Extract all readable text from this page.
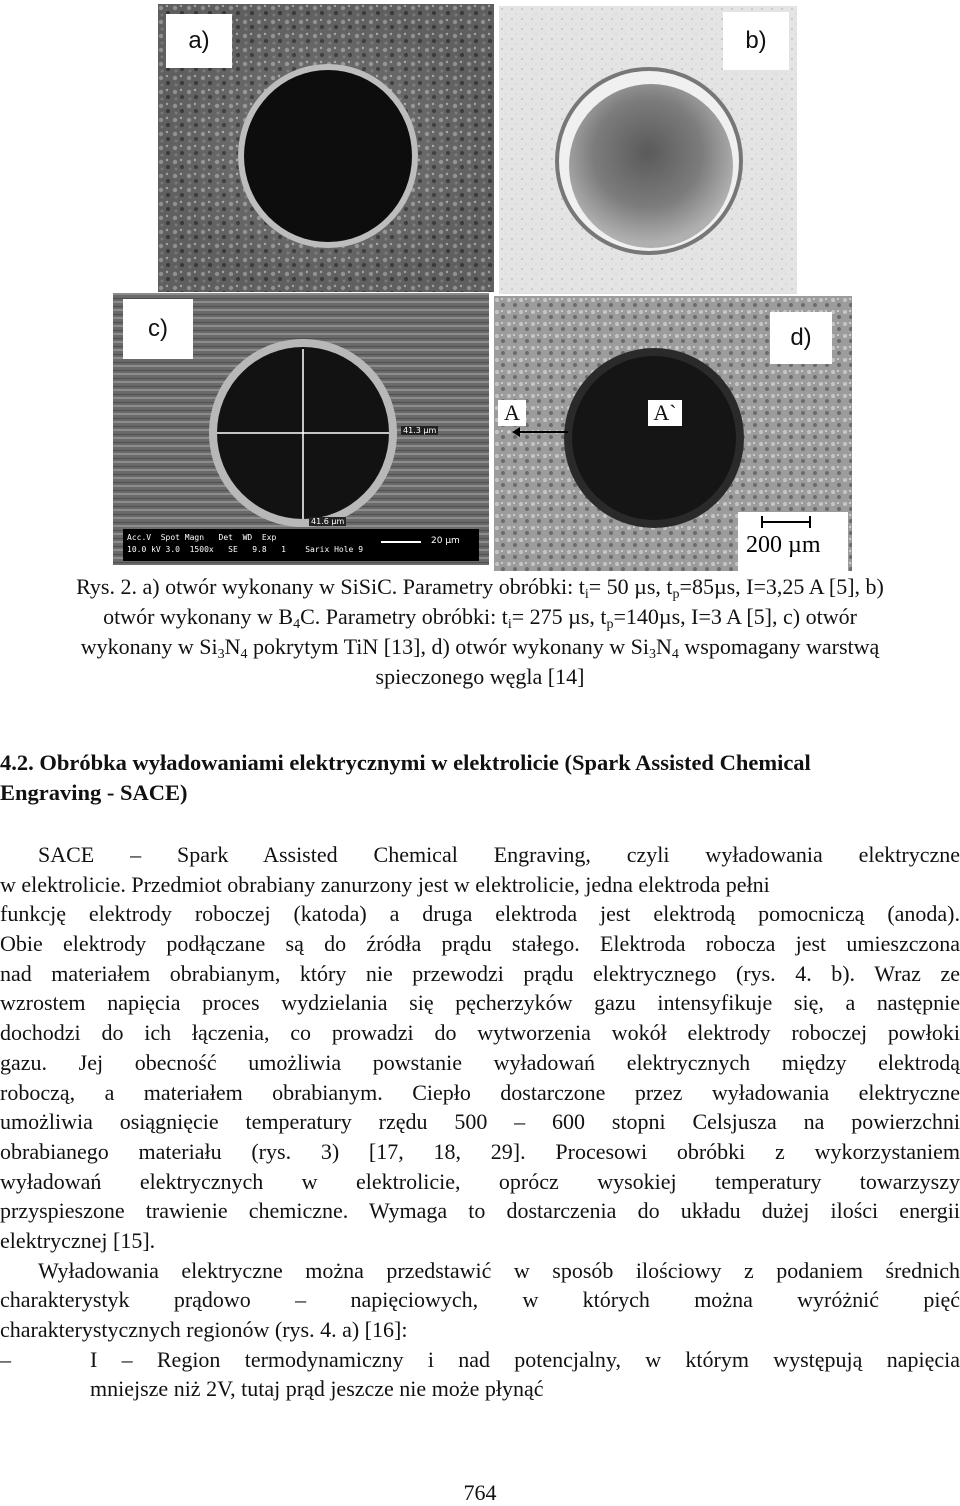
a)	b)
c)
Acc.V  Spot Magn   Det  WD  Exp
10.0 kV 3.0  1500x   SE   9.8   1    Sarix Hole 9
20 µm
41.3 µm
41.6 µm
d)
A	A`
200 µm
Rys. 2. a) otwór wykonany w SiSiC. Parametry obróbki: $t_i= 50$ µs, $t_p=85\mu s$, I=3,25 A [5], b)
otwór wykonany w $B_4C$. Parametry obróbki: $t_i= 275$ µs, $t_p=140\mu s$, I=3 A [5], c) otwór
wykonany w $Si_3N_4$ pokrytym TiN [13], d) otwór wykonany w $Si_3N_4$ wspomagany warstwą
spieczonego węgla [14]
4.2. Obróbka wyładowaniami elektrycznymi w elektrolicie (Spark Assisted Chemical
Engraving - SACE)
SACE – Spark Assisted Chemical Engraving, czyli wyładowania elektryczne
w elektrolicie. Przedmiot obrabiany zanurzony jest w elektrolicie, jedna elektroda pełni
funkcję elektrody roboczej (katoda) a druga elektroda jest elektrodą pomocniczą (anoda).
Obie elektrody podłączane są do źródła prądu stałego. Elektroda robocza jest umieszczona
nad materiałem obrabianym, który nie przewodzi prądu elektrycznego (rys. 4. b). Wraz ze
wzrostem napięcia proces wydzielania się pęcherzyków gazu intensyfikuje się, a następnie
dochodzi do ich łączenia, co prowadzi do wytworzenia wokół elektrody roboczej powłoki
gazu. Jej obecność umożliwia powstanie wyładowań elektrycznych między elektrodą
roboczą, a materiałem obrabianym. Ciepło dostarczone przez wyładowania elektryczne
umożliwia osiągnięcie temperatury rzędu 500 – 600 stopni Celsjusza na powierzchni
obrabianego materiału (rys. 3) [17, 18, 29]. Procesowi obróbki z wykorzystaniem
wyładowań elektrycznych w elektrolicie, oprócz wysokiej temperatury towarzyszy
przyspieszone trawienie chemiczne. Wymaga to dostarczenia do układu dużej ilości energii
elektrycznej [15].
Wyładowania elektryczne można przedstawić w sposób ilościowy z podaniem średnich
charakterystyk prądowo – napięciowych, w których można wyróżnić pięć
charakterystycznych regionów (rys. 4. a) [16]:
–	I – Region termodynamiczny i nad potencjalny, w którym występują napięcia
mniejsze niż 2V, tutaj prąd jeszcze nie może płynąć
764
